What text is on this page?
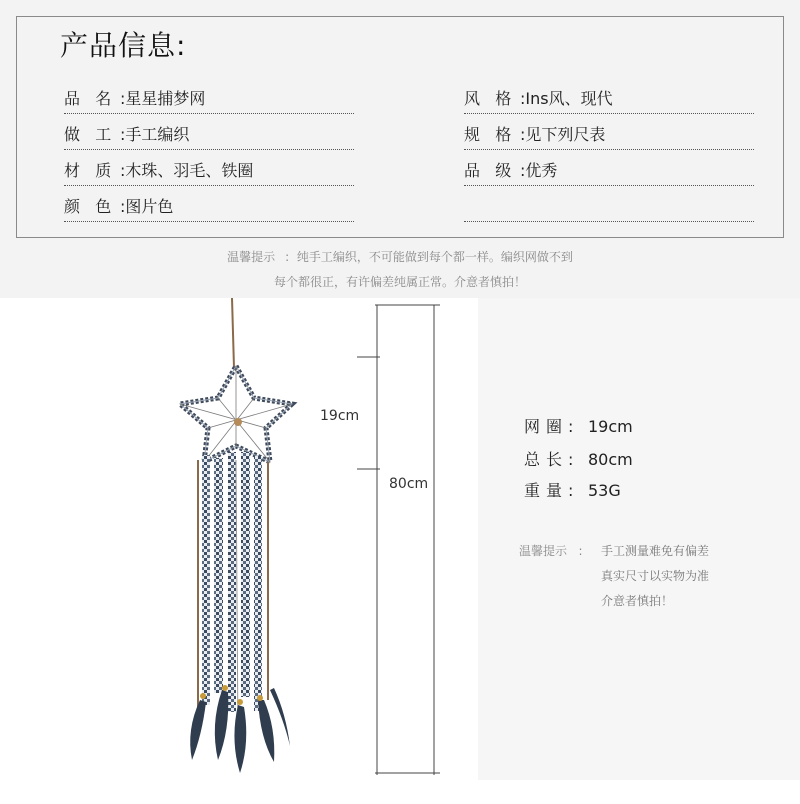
产品信息:
品 名 :星星捕梦网
做 工 :手工编织
材 质 :木珠、羽毛、铁圈
颜 色 :图片色
风 格 :Ins风、现代
规 格 :见下列尺表
品 级 :优秀
温馨提示 : 纯手工编织，不可能做到每个都一样。编织网做不到
每个都很正，有许偏差纯属正常。介意者慎拍！
网圈: 19cm
总长: 80cm
重量: 53G
温馨提示 : 手工测量难免有偏差
真实尺寸以实物为准
介意者慎拍！
19cm
80cm
